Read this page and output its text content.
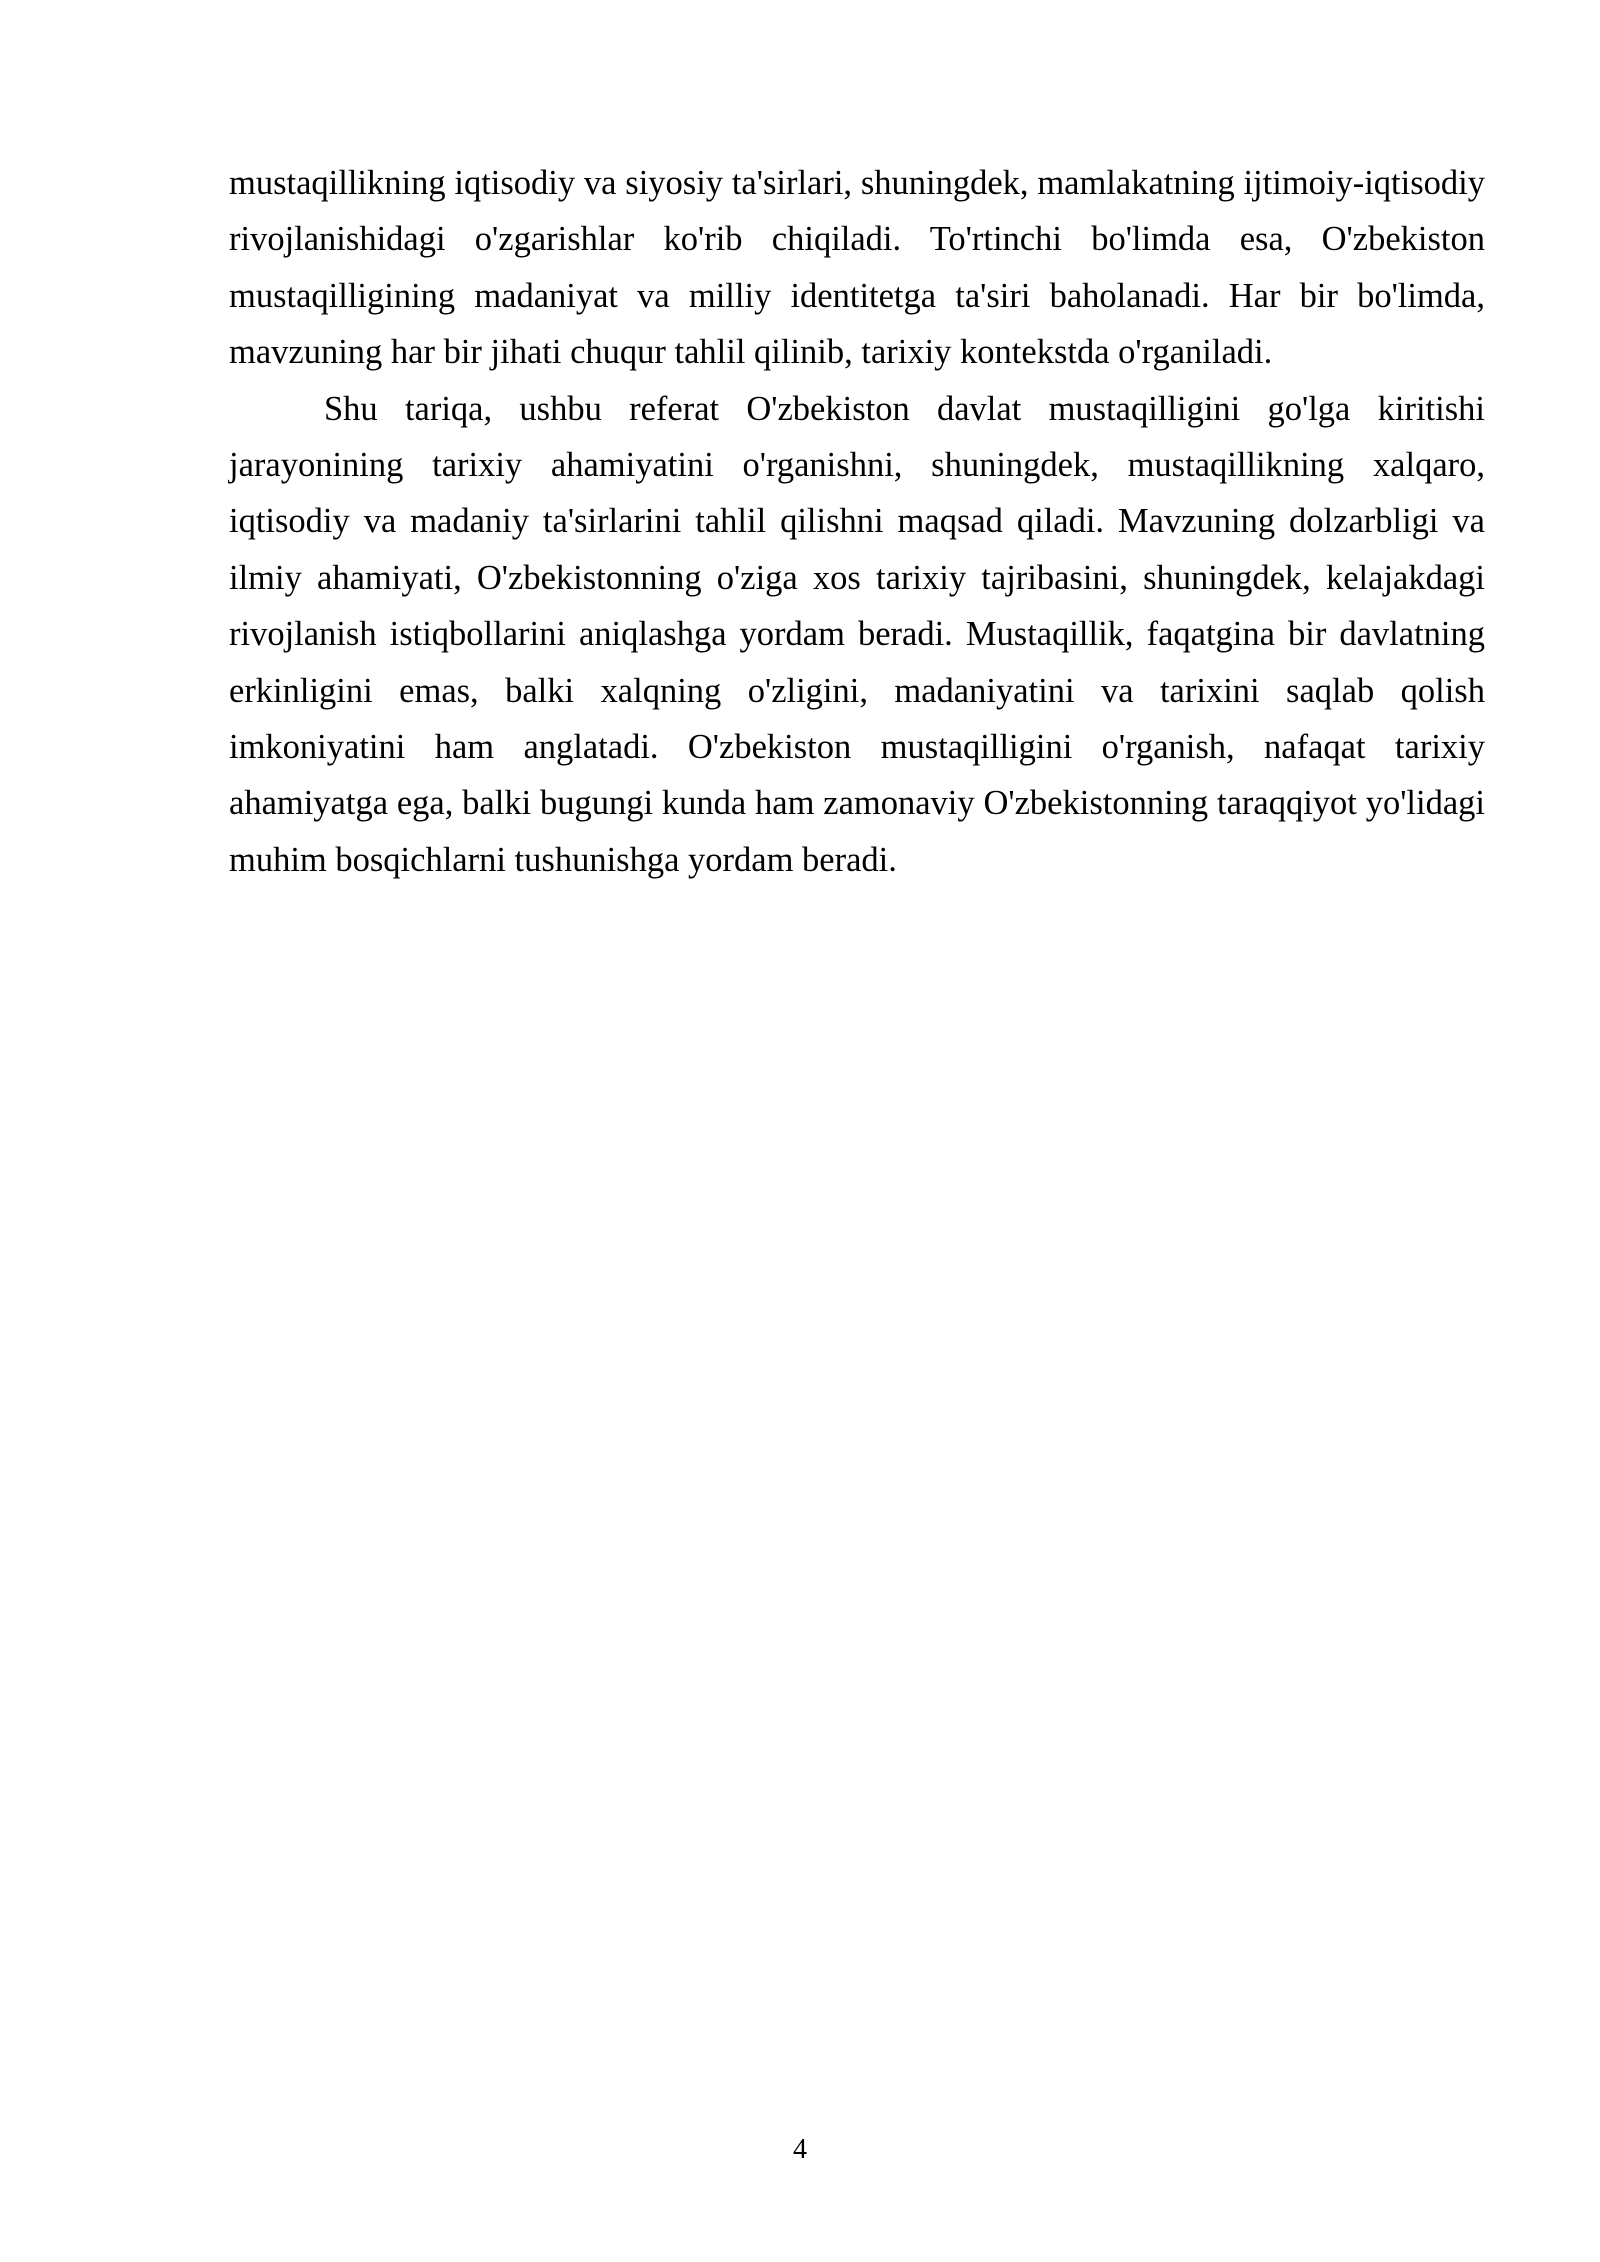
mustaqillikning iqtisodiy va siyosiy ta'sirlari, shuningdek, mamlakatning ijtimoiy-iqtisodiy rivojlanishidagi o'zgarishlar ko'rib chiqiladi. To'rtinchi bo'limda esa, O'zbekiston mustaqilligining madaniyat va milliy identitetga ta'siri baholanadi. Har bir bo'limda, mavzuning har bir jihati chuqur tahlil qilinib, tarixiy kontekstda o'rganiladi.

Shu tariqa, ushbu referat O'zbekiston davlat mustaqilligini go'lga kiritishi jarayonining tarixiy ahamiyatini o'rganishni, shuningdek, mustaqillikning xalqaro, iqtisodiy va madaniy ta'sirlarini tahlil qilishni maqsad qiladi. Mavzuning dolzarbligi va ilmiy ahamiyati, O'zbekistonning o'ziga xos tarixiy tajribasini, shuningdek, kelajakdagi rivojlanish istiqbollarini aniqlashga yordam beradi. Mustaqillik, faqatgina bir davlatning erkinligini emas, balki xalqning o'zligini, madaniyatini va tarixini saqlab qolish imkoniyatini ham anglatadi. O'zbekiston mustaqilligini o'rganish, nafaqat tarixiy ahamiyatga ega, balki bugungi kunda ham zamonaviy O'zbekistonning taraqqiyot yo'lidagi muhim bosqichlarni tushunishga yordam beradi.

4
